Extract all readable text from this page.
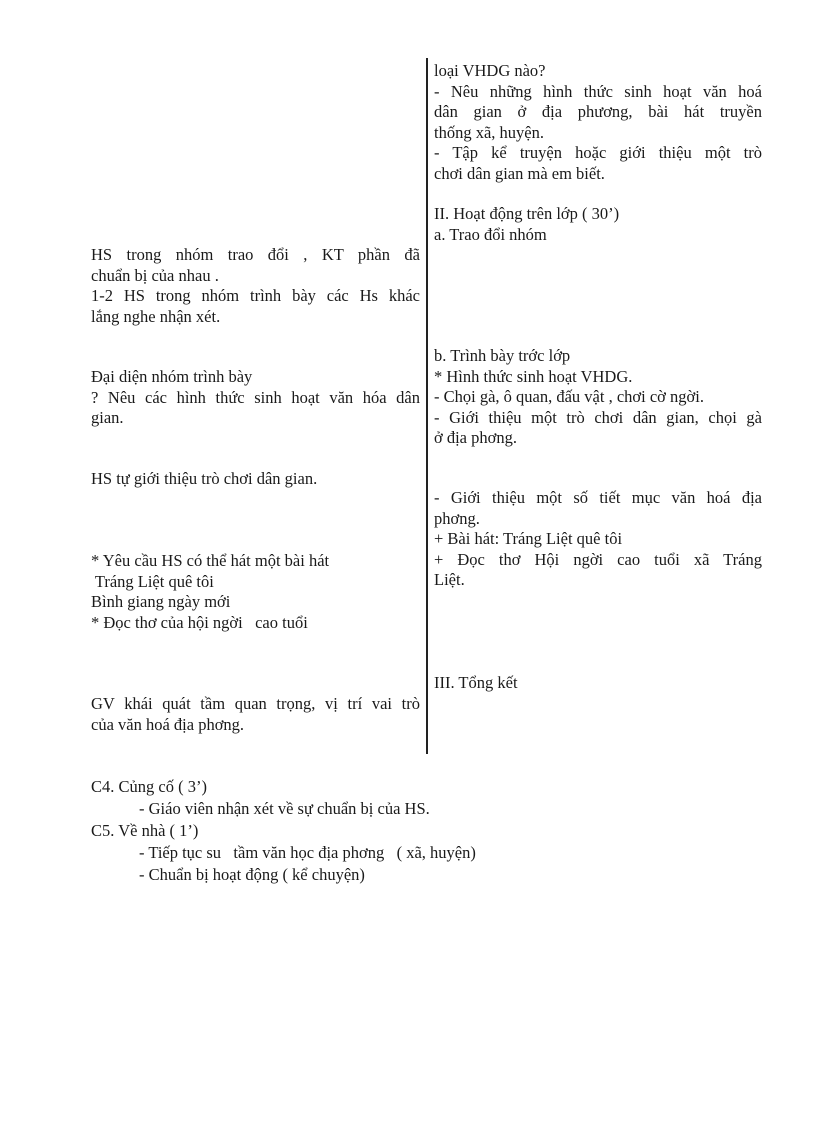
loại VHDG nào?
- Nêu những hình thức sinh hoạt văn hoá
dân gian ở địa phương, bài hát truyền
thống xã, huyện.
- Tập kể truyện hoặc giới thiệu một trò
chơi dân gian mà em biết.
II. Hoạt động trên lớp ( 30’)
a. Trao đổi nhóm
b. Trình bày trớc lớp
* Hình thức sinh hoạt VHDG.
- Chọi gà, ô quan, đấu vật , chơi cờ ngời.
- Giới thiệu một trò chơi dân gian, chọi gà
ở địa phơng.
- Giới thiệu một số tiết mục văn hoá địa
phơng.
+ Bài hát: Tráng Liệt quê tôi
+ Đọc thơ Hội ngời cao tuổi xã Tráng
Liệt.
III. Tổng kết
HS trong nhóm trao đổi , KT phần đã
chuẩn bị của nhau .
1-2 HS trong nhóm trình bày các Hs khác
lắng nghe nhận xét.
Đại diện nhóm trình bày
? Nêu các hình thức sinh hoạt văn hóa dân
gian.
HS tự giới thiệu trò chơi dân gian.
* Yêu cầu HS có thể hát một bài hát
Tráng Liệt quê tôi
Bình giang ngày mới
* Đọc thơ của hội ngời   cao tuổi
GV khái quát tầm quan trọng, vị trí vai trò
của văn hoá địa phơng.
C4. Củng cố ( 3’)
- Giáo viên nhận xét về sự chuẩn bị của HS.
C5. Về nhà ( 1’)
- Tiếp tục su   tầm văn học địa phơng   ( xã, huyện)
- Chuẩn bị hoạt động ( kể chuyện)
